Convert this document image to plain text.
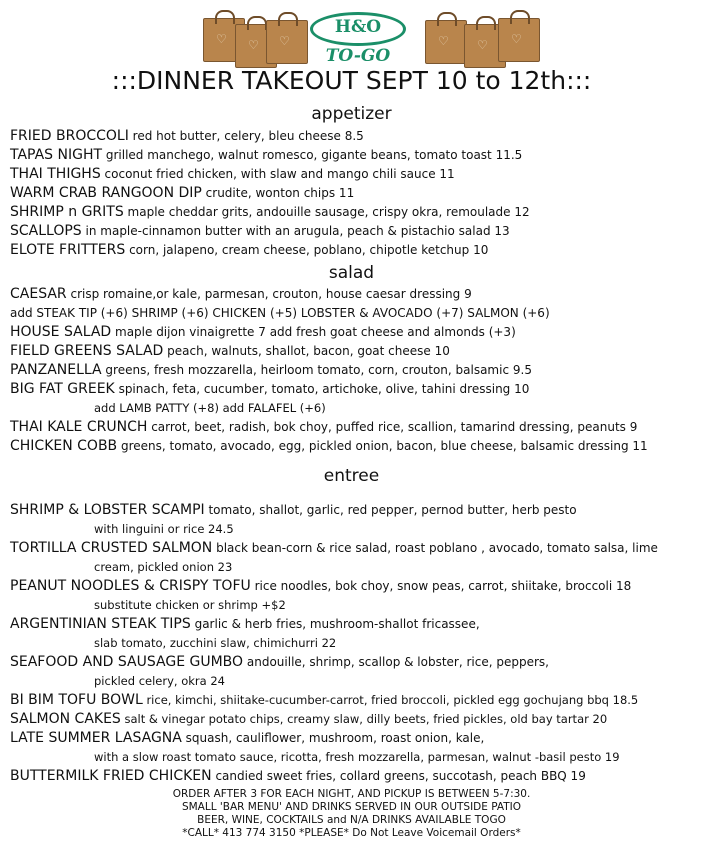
♡ ♡ ♡
H&O
TO-GO
♡ ♡ ♡
:::DINNER TAKEOUT SEPT 10 to 12th:::
appetizer
FRIED BROCCOLI red hot butter, celery, bleu cheese 8.5
TAPAS NIGHT grilled manchego, walnut romesco, gigante beans, tomato toast 11.5
THAI THIGHS coconut fried chicken, with slaw and mango chili sauce 11
WARM CRAB RANGOON DIP crudite, wonton chips 11
SHRIMP n GRITS maple cheddar grits, andouille sausage, crispy okra, remoulade 12
SCALLOPS in maple-cinnamon butter with an arugula, peach & pistachio salad 13
ELOTE FRITTERS corn, jalapeno, cream cheese, poblano, chipotle ketchup 10
salad
CAESAR crisp romaine,or kale, parmesan, crouton, house caesar dressing 9
add STEAK TIP (+6) SHRIMP (+6) CHICKEN (+5) LOBSTER & AVOCADO (+7) SALMON (+6)
HOUSE SALAD maple dijon vinaigrette 7 add fresh goat cheese and almonds (+3)
FIELD GREENS SALAD peach, walnuts, shallot, bacon, goat cheese 10
PANZANELLA greens, fresh mozzarella, heirloom tomato, corn, crouton, balsamic 9.5
BIG FAT GREEK spinach, feta, cucumber, tomato, artichoke, olive, tahini dressing 10
add LAMB PATTY (+8) add FALAFEL (+6)
THAI KALE CRUNCH carrot, beet, radish, bok choy, puffed rice, scallion, tamarind dressing, peanuts 9
CHICKEN COBB greens, tomato, avocado, egg, pickled onion, bacon, blue cheese, balsamic dressing 11
entree
SHRIMP & LOBSTER SCAMPI tomato, shallot, garlic, red pepper, pernod butter, herb pesto
with linguini or rice 24.5
TORTILLA CRUSTED SALMON black bean-corn & rice salad, roast poblano , avocado, tomato salsa, lime
cream, pickled onion 23
PEANUT NOODLES & CRISPY TOFU rice noodles, bok choy, snow peas, carrot, shiitake, broccoli 18
substitute chicken or shrimp +$2
ARGENTINIAN STEAK TIPS garlic & herb fries, mushroom-shallot fricassee,
slab tomato, zucchini slaw, chimichurri 22
SEAFOOD AND SAUSAGE GUMBO andouille, shrimp, scallop & lobster, rice, peppers,
pickled celery, okra 24
BI BIM TOFU BOWL rice, kimchi, shiitake-cucumber-carrot, fried broccoli, pickled egg gochujang bbq 18.5
SALMON CAKES salt & vinegar potato chips, creamy slaw, dilly beets, fried pickles, old bay tartar 20
LATE SUMMER LASAGNA squash, cauliflower, mushroom, roast onion, kale,
with a slow roast tomato sauce, ricotta, fresh mozzarella, parmesan, walnut -basil pesto 19
BUTTERMILK FRIED CHICKEN candied sweet fries, collard greens, succotash, peach BBQ 19
ORDER AFTER 3 FOR EACH NIGHT, AND PICKUP IS BETWEEN 5-7:30.
SMALL 'BAR MENU' AND DRINKS SERVED IN OUR OUTSIDE PATIO
BEER, WINE, COCKTAILS and N/A DRINKS AVAILABLE TOGO
*CALL* 413 774 3150 *PLEASE* Do Not Leave Voicemail Orders*
